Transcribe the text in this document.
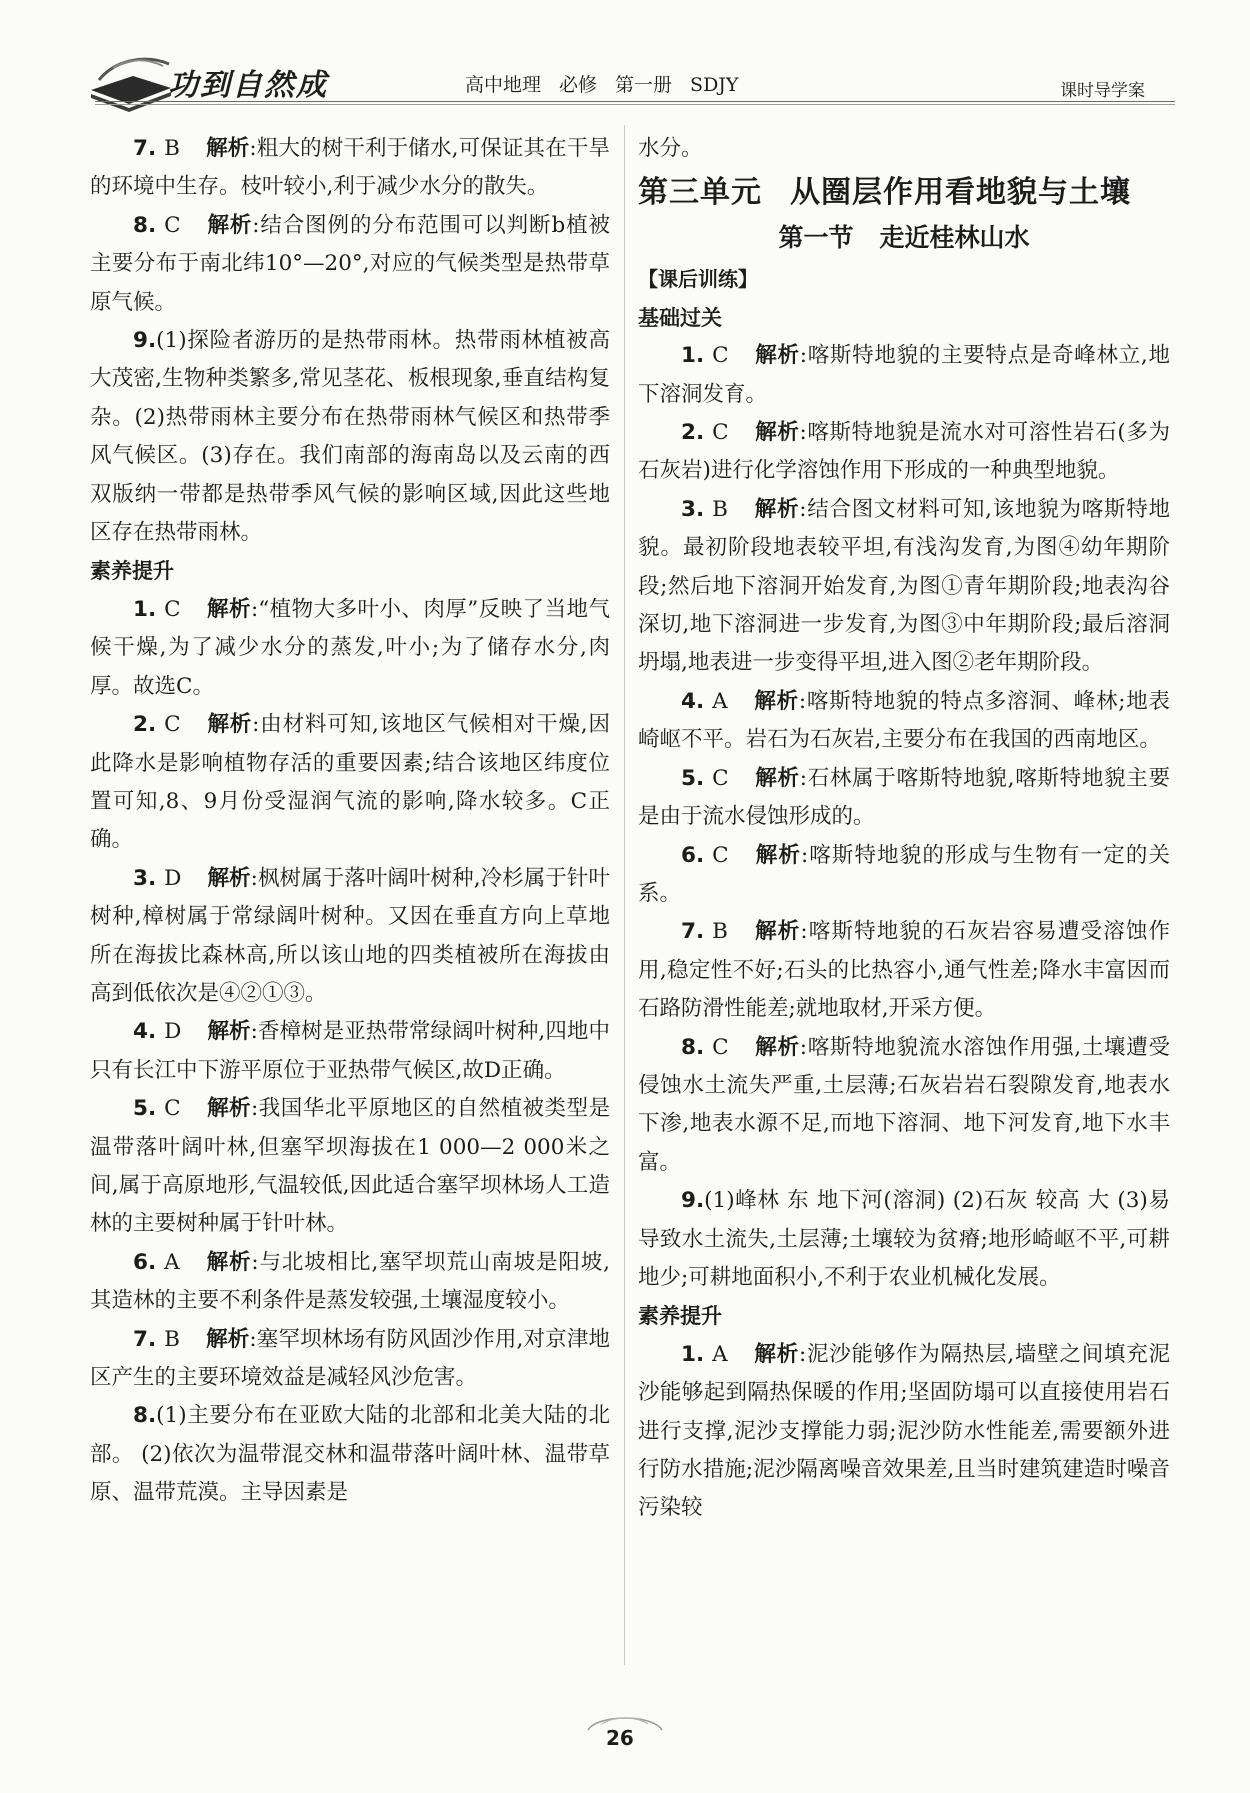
功到自然成	高中地理 必修 第一册 SDJY	课时导学案

7. B 解析:粗大的树干利于储水,可保证其在干旱的环境中生存。枝叶较小,利于减少水分的散失。

8. C 解析:结合图例的分布范围可以判断b植被主要分布于南北纬10°—20°,对应的气候类型是热带草原气候。

9.(1)探险者游历的是热带雨林。热带雨林植被高大茂密,生物种类繁多,常见茎花、板根现象,垂直结构复杂。(2)热带雨林主要分布在热带雨林气候区和热带季风气候区。(3)存在。我们南部的海南岛以及云南的西双版纳一带都是热带季风气候的影响区域,因此这些地区存在热带雨林。

素养提升

1. C 解析:“植物大多叶小、肉厚”反映了当地气候干燥,为了减少水分的蒸发,叶小;为了储存水分,肉厚。故选C。

2. C 解析:由材料可知,该地区气候相对干燥,因此降水是影响植物存活的重要因素;结合该地区纬度位置可知,8、9月份受湿润气流的影响,降水较多。C正确。

3. D 解析:枫树属于落叶阔叶树种,冷杉属于针叶树种,樟树属于常绿阔叶树种。又因在垂直方向上草地所在海拔比森林高,所以该山地的四类植被所在海拔由高到低依次是④②①③。

4. D 解析:香樟树是亚热带常绿阔叶树种,四地中只有长江中下游平原位于亚热带气候区,故D正确。

5. C 解析:我国华北平原地区的自然植被类型是温带落叶阔叶林,但塞罕坝海拔在1 000—2 000米之间,属于高原地形,气温较低,因此适合塞罕坝林场人工造林的主要树种属于针叶林。

6. A 解析:与北坡相比,塞罕坝荒山南坡是阳坡,其造林的主要不利条件是蒸发较强,土壤湿度较小。

7. B 解析:塞罕坝林场有防风固沙作用,对京津地区产生的主要环境效益是减轻风沙危害。

8.(1)主要分布在亚欧大陆的北部和北美大陆的北部。 (2)依次为温带混交林和温带落叶阔叶林、温带草原、温带荒漠。主导因素是

水分。

第三单元 从圈层作用看地貌与土壤
第一节 走近桂林山水
【课后训练】
基础过关

1. C 解析:喀斯特地貌的主要特点是奇峰林立,地下溶洞发育。

2. C 解析:喀斯特地貌是流水对可溶性岩石(多为石灰岩)进行化学溶蚀作用下形成的一种典型地貌。

3. B 解析:结合图文材料可知,该地貌为喀斯特地貌。最初阶段地表较平坦,有浅沟发育,为图④幼年期阶段;然后地下溶洞开始发育,为图①青年期阶段;地表沟谷深切,地下溶洞进一步发育,为图③中年期阶段;最后溶洞坍塌,地表进一步变得平坦,进入图②老年期阶段。

4. A 解析:喀斯特地貌的特点多溶洞、峰林;地表崎岖不平。岩石为石灰岩,主要分布在我国的西南地区。

5. C 解析:石林属于喀斯特地貌,喀斯特地貌主要是由于流水侵蚀形成的。

6. C 解析:喀斯特地貌的形成与生物有一定的关系。

7. B 解析:喀斯特地貌的石灰岩容易遭受溶蚀作用,稳定性不好;石头的比热容小,通气性差;降水丰富因而石路防滑性能差;就地取材,开采方便。

8. C 解析:喀斯特地貌流水溶蚀作用强,土壤遭受侵蚀水土流失严重,土层薄;石灰岩岩石裂隙发育,地表水下渗,地表水源不足,而地下溶洞、地下河发育,地下水丰富。

9.(1)峰林 东 地下河(溶洞) (2)石灰 较高 大 (3)易导致水土流失,土层薄;土壤较为贫瘠;地形崎岖不平,可耕地少;可耕地面积小,不利于农业机械化发展。

素养提升

1. A 解析:泥沙能够作为隔热层,墙壁之间填充泥沙能够起到隔热保暖的作用;坚固防塌可以直接使用岩石进行支撑,泥沙支撑能力弱;泥沙防水性能差,需要额外进行防水措施;泥沙隔离噪音效果差,且当时建筑建造时噪音污染较

26
